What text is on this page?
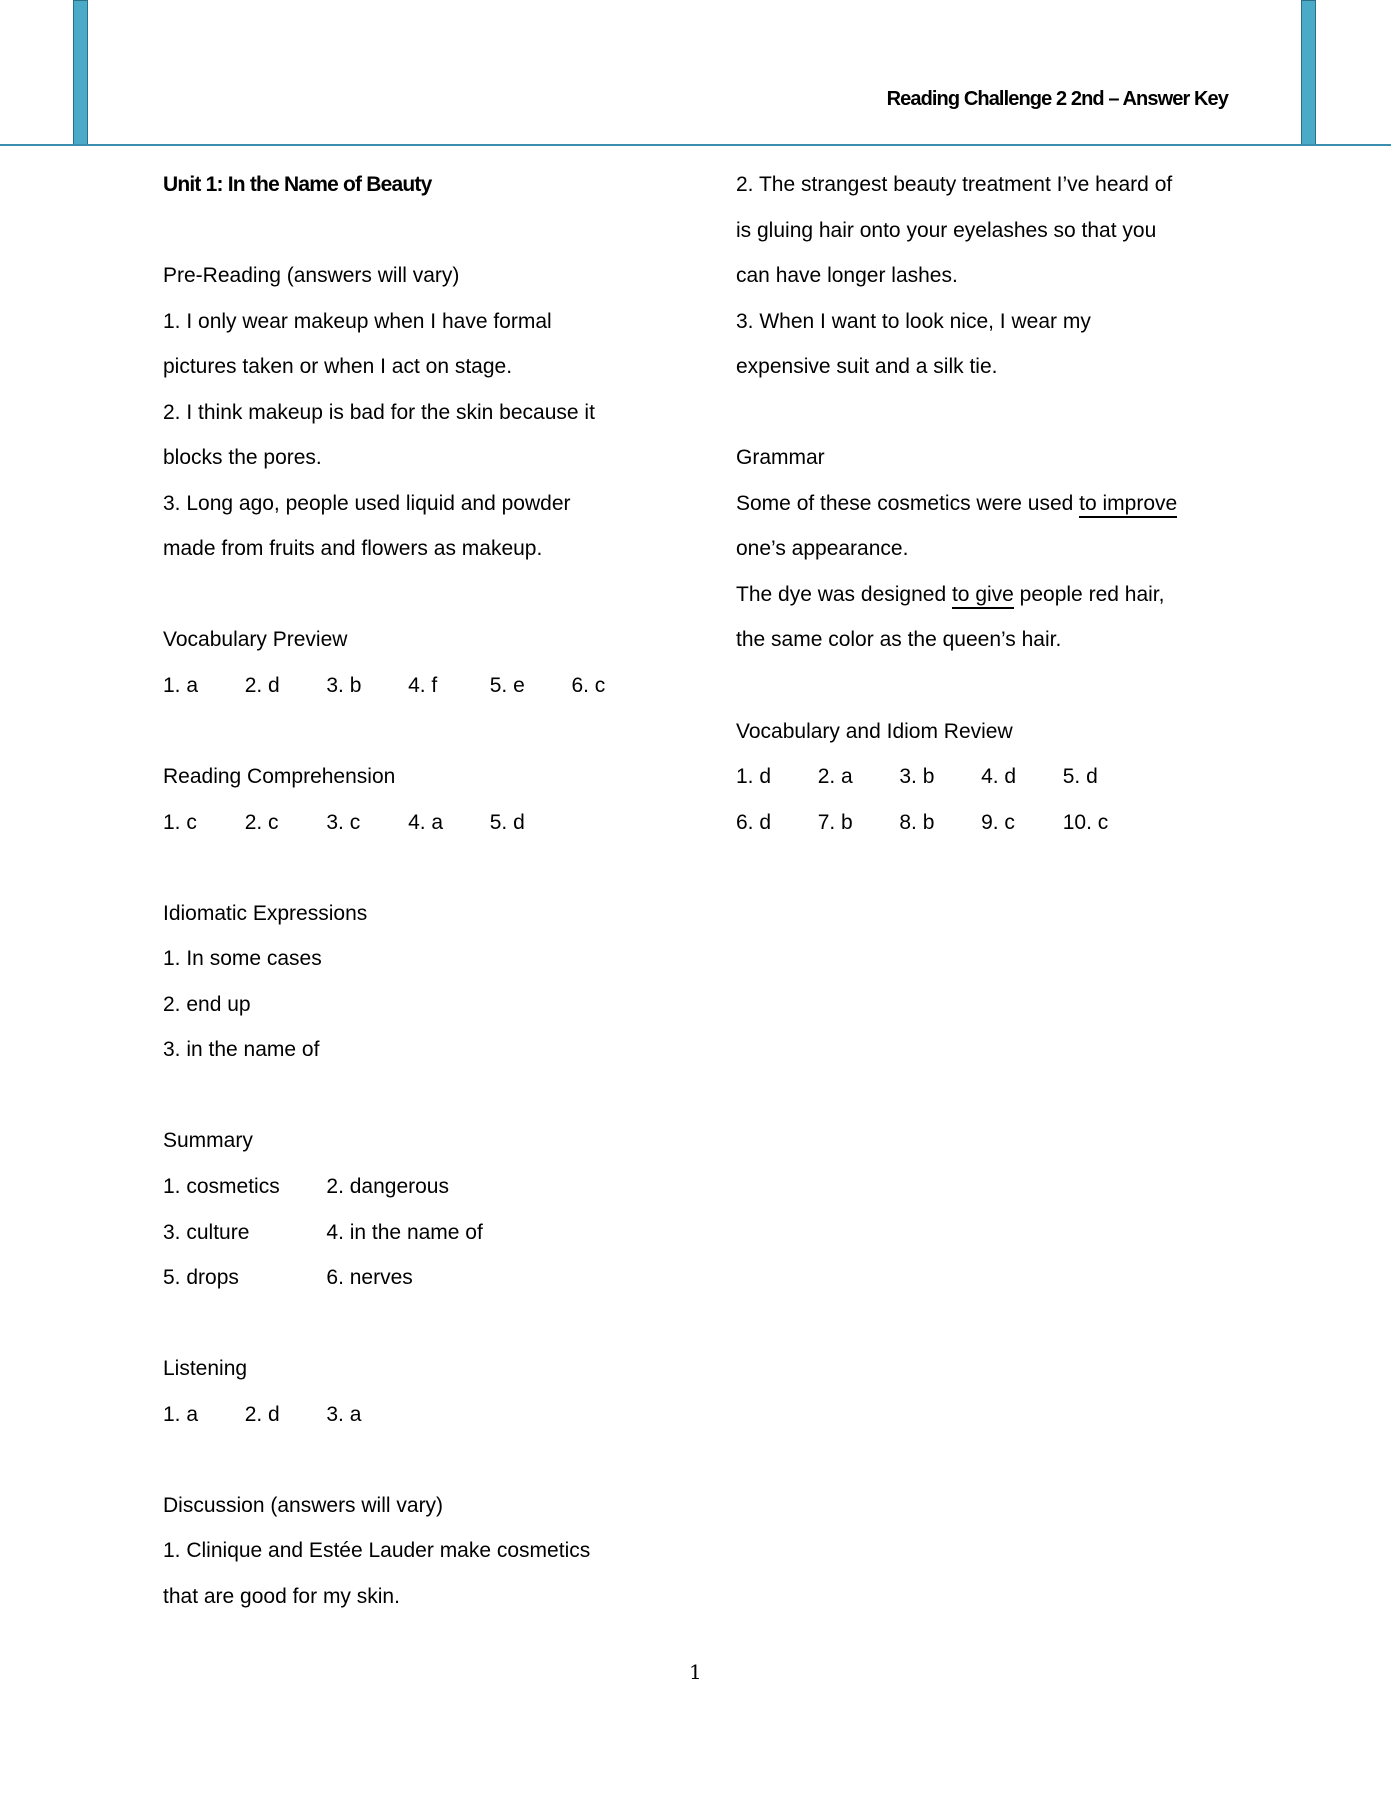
Reading Challenge 2 2nd – Answer Key
Unit 1: In the Name of Beauty
Pre-Reading (answers will vary)
1. I only wear makeup when I have formal
pictures taken or when I act on stage.
2. I think makeup is bad for the skin because it
blocks the pores.
3. Long ago, people used liquid and powder
made from fruits and flowers as makeup.
Vocabulary Preview
1. a 2. d 3. b 4. f	5. e 6. c
Reading Comprehension
1. c 2. c 3. c 4. a 5. d
Idiomatic Expressions
1. In some cases
2. end up
3. in the name of
Summary
1. cosmetics 2. dangerous
3. culture	4. in the name of
5. drops	6. nerves
Listening
1. a 2. d 3. a
Discussion (answers will vary)
1. Clinique and Estée Lauder make cosmetics
that are good for my skin.
2. The strangest beauty treatment I’ve heard of
is gluing hair onto your eyelashes so that you
can have longer lashes.
3. When I want to look nice, I wear my
expensive suit and a silk tie.
Grammar
Some of these cosmetics were used to improve
one’s appearance.
The dye was designed to give people red hair,
the same color as the queen’s hair.
Vocabulary and Idiom Review
1. d 2. a 3. b 4. d 5. d
6. d 7. b 8. b 9. c 10. c
1
